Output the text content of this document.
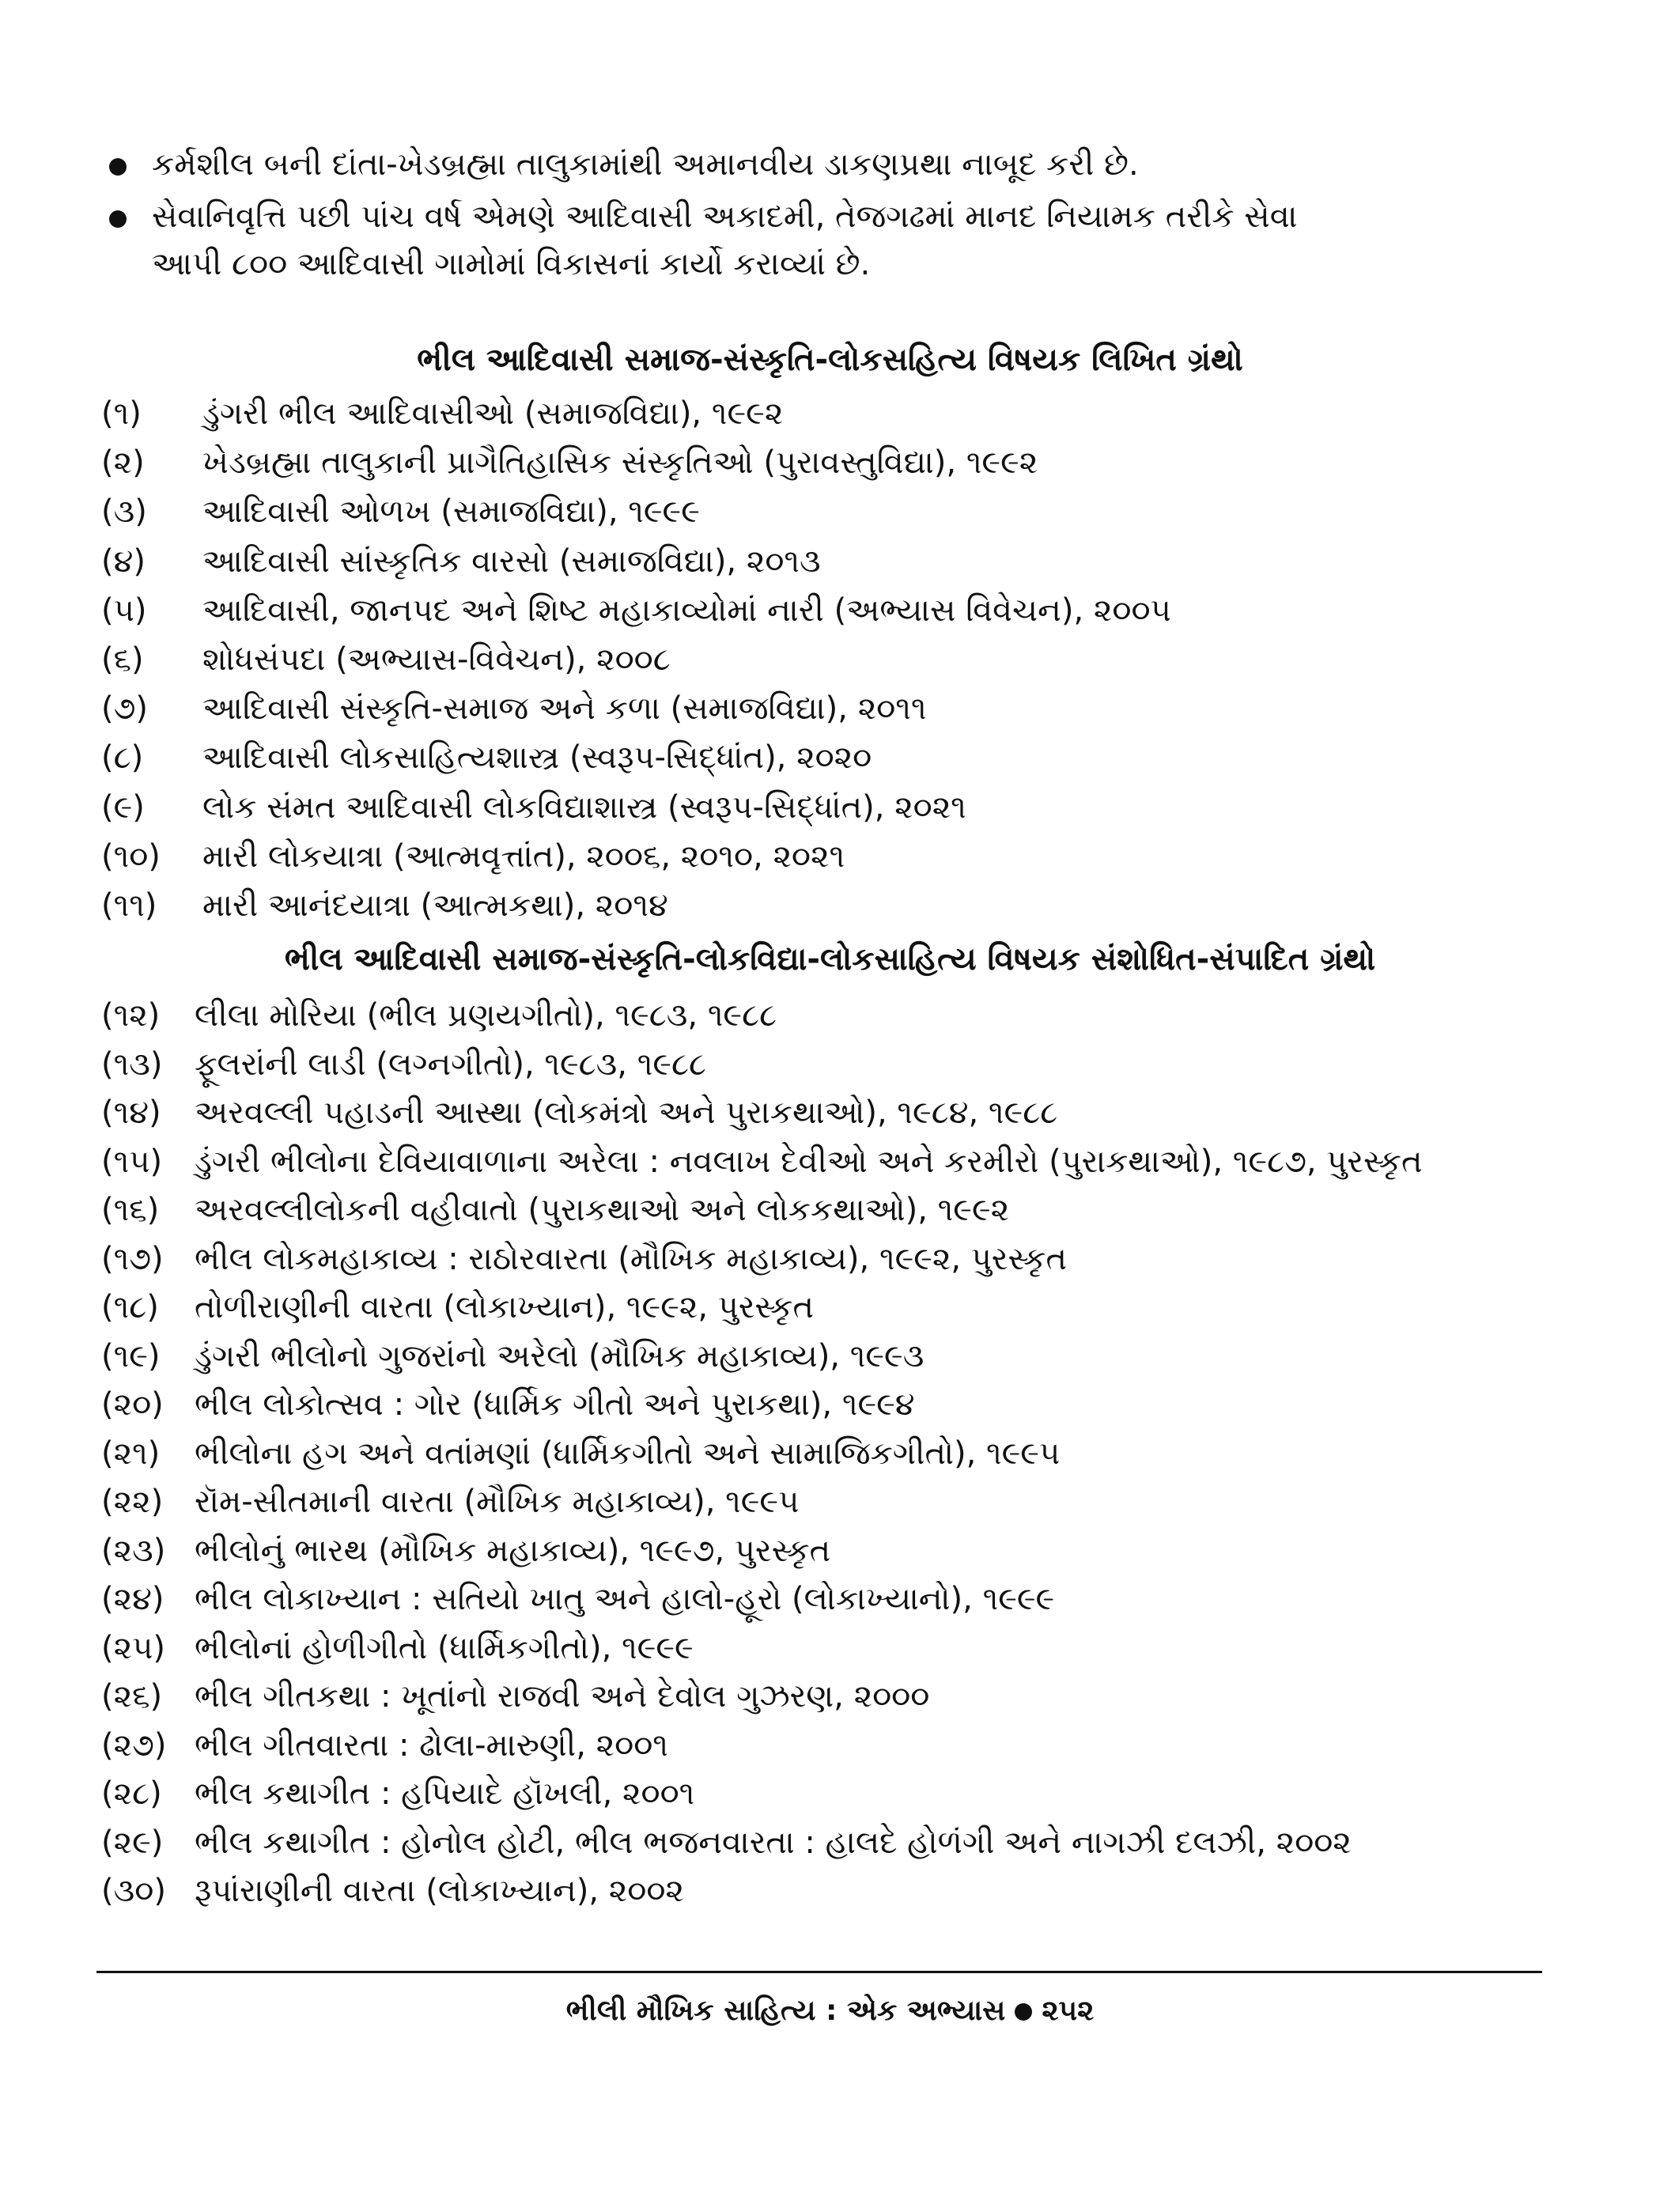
કર્મશીલ બની દાંતા-ખેડબ્રહ્મા તાલુકામાંથી અમાનવીય ડાકણપ્રથા નાબૂદ કરી છે.
સેવાનિવૃત્તિ પછી પાંચ વર્ષ એમણે આદિવાસી અકાદમી, તેજગઢમાં માનદ નિયામક તરીકે સેવા
આપી ૮૦૦ આદિવાસી ગામોમાં વિકાસનાં કાર્યો કરાવ્યાં છે.
ભીલ આદિવાસી સમાજ-સંસ્કૃતિ-લોકસહિત્ય વિષયક લિખિત ગ્રંથો
(૧) ડુંગરી ભીલ આદિવાસીઓ (સમાજવિદ્યા), ૧૯૯૨
(૨) ખેડબ્રહ્મા તાલુકાની પ્રાગૈતિહાસિક સંસ્કૃતિઓ (પુરાવસ્તુવિદ્યા), ૧૯૯૨
(૩) આદિવાસી ઓળખ (સમાજવિદ્યા), ૧૯૯૯
(૪) આદિવાસી સાંસ્કૃતિક વારસો (સમાજવિદ્યા), ૨૦૧૩
(૫) આદિવાસી, જાનપદ અને શિષ્ટ મહાકાવ્યોમાં નારી (અભ્યાસ વિવેચન), ૨૦૦૫
(૬) શોધસંપદા (અભ્યાસ-વિવેચન), ૨૦૦૮
(૭) આદિવાસી સંસ્કૃતિ-સમાજ અને કળા (સમાજવિદ્યા), ૨૦૧૧
(૮) આદિવાસી લોકસાહિત્યશાસ્ત્ર (સ્વરૂપ-સિદ્ધાંત), ૨૦૨૦
(૯) લોક સંમત આદિવાસી લોકવિદ્યાશાસ્ત્ર (સ્વરૂપ-સિદ્ધાંત), ૨૦૨૧
(૧૦) મારી લોકયાત્રા (આત્મવૃત્તાંત), ૨૦૦૬, ૨૦૧૦, ૨૦૨૧
(૧૧) મારી આનંદયાત્રા (આત્મકથા), ૨૦૧૪
ભીલ આદિવાસી સમાજ-સંસ્કૃતિ-લોકવિદ્યા-લોકસાહિત્ય વિષયક સંશોધિત-સંપાદિત ગ્રંથો
(૧૨) લીલા મોરિયા (ભીલ પ્રણયગીતો), ૧૯૮૩, ૧૯૮૮
(૧૩) ફૂલરાંની લાડી (લગ્નગીતો), ૧૯૮૩, ૧૯૮૮
(૧૪) અરવલ્લી પહાડની આસ્થા (લોકમંત્રો અને પુરાકથાઓ), ૧૯૮૪, ૧૯૮૮
(૧૫) ડુંગરી ભીલોના દેવિયાવાળાના અરેલા : નવલાખ દેવીઓ અને કરમીરો (પુરાકથાઓ), ૧૯૮૭, પુરસ્કૃત
(૧૬) અરવલ્લીલોકની વહીવાતો (પુરાકથાઓ અને લોકકથાઓ), ૧૯૯૨
(૧૭) ભીલ લોકમહાકાવ્ય : રાઠોરવારતા (મૌખિક મહાકાવ્ય), ૧૯૯૨, પુરસ્કૃત
(૧૮) તોળીરાણીની વારતા (લોકાખ્યાન), ૧૯૯૨, પુરસ્કૃત
(૧૯) ડુંગરી ભીલોનો ગુજરાંનો અરેલો (મૌખિક મહાકાવ્ય), ૧૯૯૩
(૨૦) ભીલ લોકોત્સવ : ગોર (ધાર્મિક ગીતો અને પુરાકથા), ૧૯૯૪
(૨૧) ભીલોના હગ અને વતાંમણાં (ધાર્મિકગીતો અને સામાજિકગીતો), ૧૯૯૫
(૨૨) રૉમ-સીતમાની વારતા (મૌખિક મહાકાવ્ય), ૧૯૯૫
(૨૩) ભીલોનું ભારથ (મૌખિક મહાકાવ્ય), ૧૯૯૭, પુરસ્કૃત
(૨૪) ભીલ લોકાખ્યાન : સતિયો ખાતુ અને હાલો-હૂરો (લોકાખ્યાનો), ૧૯૯૯
(૨૫) ભીલોનાં હોળીગીતો (ધાર્મિકગીતો), ૧૯૯૯
(૨૬) ભીલ ગીતકથા : ખૂતાંનો રાજવી અને દેવોલ ગુઝરણ, ૨૦૦૦
(૨૭) ભીલ ગીતવારતા : ઢોલા-મારુણી, ૨૦૦૧
(૨૮) ભીલ કથાગીત : હપિયાદે હૉખલી, ૨૦૦૧
(૨૯) ભીલ કથાગીત : હોનોલ હોટી, ભીલ ભજનવારતા : હાલદે હોળંગી અને નાગઝી દલઝી, ૨૦૦૨
(૩૦) રૂપાંરાણીની વારતા (લોકાખ્યાન), ૨૦૦૨
ભીલી મૌખિક સાહિત્ય : એક અભ્યાસ ૨૫૨
